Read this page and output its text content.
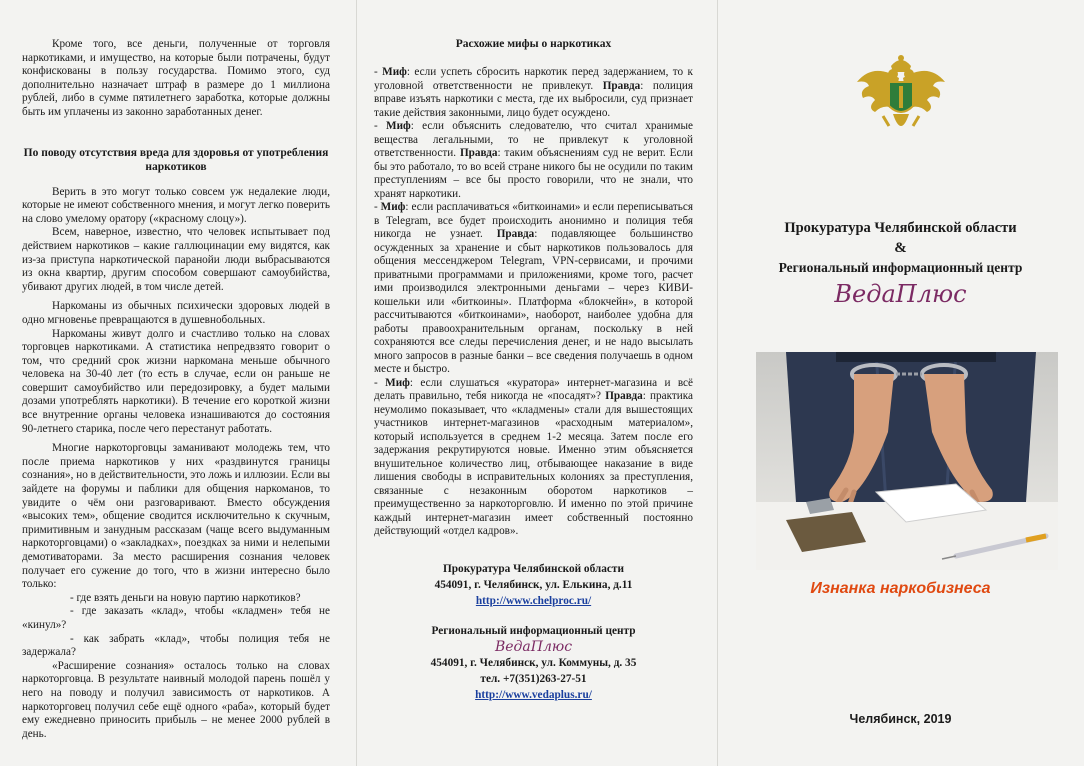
Кроме того, все деньги, полученные от торговля наркотиками, и имущество, на которые были потрачены, будут конфискованы в пользу государства. Помимо этого, суд дополнительно назначает штраф в размере до 1 миллиона рублей, либо в сумме пятилетнего заработка, которые должны быть им уплачены из законно заработанных денег.

По поводу отсутствия вреда для здоровья от употребления наркотиков

Верить в это могут только совсем уж недалекие люди, которые не имеют собственного мнения, и могут легко поверить на слово умелому оратору («красному слоцу»).

Всем, наверное, известно, что человек испытывает под действием наркотиков – какие галлюцинации ему видятся, как из-за приступа наркотической паранойи люди выбрасываются из окна квартир, другим способом совершают самоубийства, убивают других людей, в том числе детей.

Наркоманы из обычных психически здоровых людей в одно мгновенье превращаются в душевнобольных.

Наркоманы живут долго и счастливо только на словах торговцев наркотиками. А статистика непредвзято говорит о том, что средний срок жизни наркомана меньше обычного человека на 30-40 лет (то есть в случае, если он раньше не совершит самоубийство или передозировку, а будет малыми дозами употреблять наркотики). В течение его короткой жизни все внутренние органы человека изнашиваются до состояния 90-летнего старика, после чего перестанут работать.

Многие наркоторговцы заманивают молодежь тем, что после приема наркотиков у них «раздвинутся границы сознания», но в действительности, это ложь и иллюзии. Если вы зайдете на форумы и паблики для общения наркоманов, то увидите о чём они разговаривают. Вместо обсуждения «высоких тем», общение сводится исключительно к скучным, примитивным и занудным рассказам (чаще всего выдуманным наркоторговцами) о «закладках», поездках за ними и нелепыми демотиваторами. За место расширения сознания человек получает его сужение до того, что в жизни интересно было только:

- где взять деньги на новую партию наркотиков?

- где заказать «клад», чтобы «кладмен» тебя не «кинул»?

- как забрать «клад», чтобы полиция тебя не задержала?

«Расширение сознания» осталось только на словах наркоторговца. В результате наивный молодой парень пошёл у него на поводу и получил зависимость от наркотиков. А наркоторговец получил себе ещё одного «раба», который будет ему ежедневно приносить прибыль – не менее 2000 рублей в день.

Расхожие мифы о наркотиках

- Миф: если успеть сбросить наркотик перед задержанием, то к уголовной ответственности не привлекут. Правда: полиция вправе изъять наркотики с места, где их выбросили, суд признает такие действия законными, лицо будет осуждено.

- Миф: если объяснить следователю, что считал хранимые вещества легальными, то не привлекут к уголовной ответственности. Правда: таким объяснениям суд не верит. Если бы это работало, то во всей стране никого бы не осудили по таким преступлениям – все бы просто говорили, что не знали, что хранят наркотики.

- Миф: если расплачиваться «биткоинами» и если переписываться в Telegram, все будет происходить анонимно и полиция тебя никогда не узнает. Правда: подавляющее большинство осужденных за хранение и сбыт наркотиков пользовалось для общения мессенджером Telegram, VPN-сервисами, и прочими приватными программами и приложениями, кроме того, расчет ими производился электронными деньгами – через КИВИ-кошельки или «биткоины». Платформа «блокчейн», в которой рассчитываются «биткоинами», наоборот, наиболее удобна для работы правоохранительным органам, поскольку в ней сохраняются все следы перечисления денег, и не надо высылать много запросов в разные банки – все сведения получаешь в одном месте и быстро.

- Миф: если слушаться «куратора» интернет-магазина и всё делать правильно, тебя никогда не «посадят»? Правда: практика неумолимо показывает, что «кладмены» стали для вышестоящих участников интернет-магазинов «расходным материалом», который используется в среднем 1-2 месяца. Затем после его задержания рекрутируются новые. Именно этим объясняется внушительное количество лиц, отбывающее наказание в виде лишения свободы в исправительных колониях за преступления, связанные с незаконным оборотом наркотиков – преимущественно за наркоторговлю. И именно по этой причине каждый интернет-магазин имеет собственный постоянно действующий «отдел кадров».

Прокуратура Челябинской области
454091, г. Челябинск, ул. Елькина, д.11
http://www.chelproc.ru/
Региональный информационный центр
ВедаПлюс
454091, г. Челябинск, ул. Коммуны, д. 35
тел. +7(351)263-27-51
http://www.vedaplus.ru/
Прокуратура Челябинской области
&
Региональный информационный центр
ВедаПлюс
Изнанка наркобизнеса
Челябинск, 2019
